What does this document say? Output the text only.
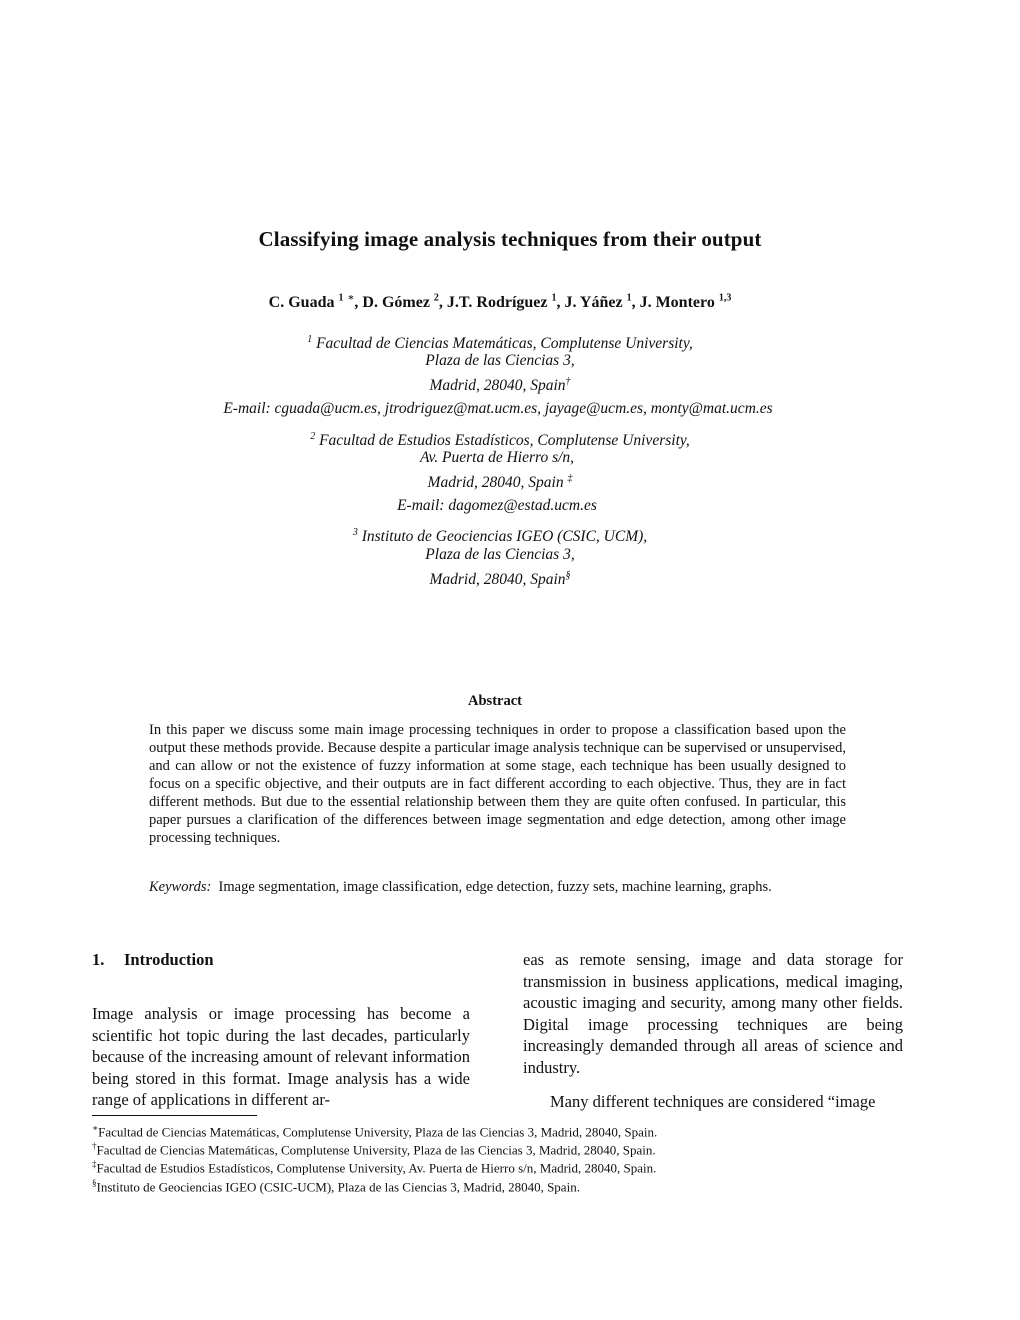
Classifying image analysis techniques from their output

C. Guada $^1$ ∗, D. Gómez $^2$, J.T. Rodríguez $^1$, J. Yáñez $^1$, J. Montero $^{1,3}$

$^1$ Facultad de Ciencias Matemáticas, Complutense University,

Plaza de las Ciencias 3,

Madrid, 28040, Spain†

E-mail: cguada@ucm.es, jtrodriguez@mat.ucm.es, jayage@ucm.es, monty@mat.ucm.es

$^2$ Facultad de Estudios Estadísticos, Complutense University,

Av. Puerta de Hierro s/n,

Madrid, 28040, Spain ‡

E-mail: dagomez@estad.ucm.es

$^3$ Instituto de Geociencias IGEO (CSIC, UCM),

Plaza de las Ciencias 3,

Madrid, 28040, Spain§

Abstract

In this paper we discuss some main image processing techniques in order to propose a classification based upon the output these methods provide. Because despite a particular image analysis technique can be supervised or unsupervised, and can allow or not the existence of fuzzy information at some stage, each technique has been usually designed to focus on a specific objective, and their outputs are in fact different according to each objective. Thus, they are in fact different methods. But due to the essential relationship between them they are quite often confused. In particular, this paper pursues a clarification of the differences between image segmentation and edge detection, among other image processing techniques.

Keywords: Image segmentation, image classification, edge detection, fuzzy sets, machine learning, graphs.

1. Introduction

Image analysis or image processing has become a scientific hot topic during the last decades, particularly because of the increasing amount of relevant information being stored in this format. Image analysis has a wide range of applications in different ar-

eas as remote sensing, image and data storage for transmission in business applications, medical imaging, acoustic imaging and security, among many other fields. Digital image processing techniques are being increasingly demanded through all areas of science and industry.

Many different techniques are considered “image

∗Facultad de Ciencias Matemáticas, Complutense University, Plaza de las Ciencias 3, Madrid, 28040, Spain.

†Facultad de Ciencias Matemáticas, Complutense University, Plaza de las Ciencias 3, Madrid, 28040, Spain.

‡Facultad de Estudios Estadísticos, Complutense University, Av. Puerta de Hierro s/n, Madrid, 28040, Spain.

§Instituto de Geociencias IGEO (CSIC-UCM), Plaza de las Ciencias 3, Madrid, 28040, Spain.
